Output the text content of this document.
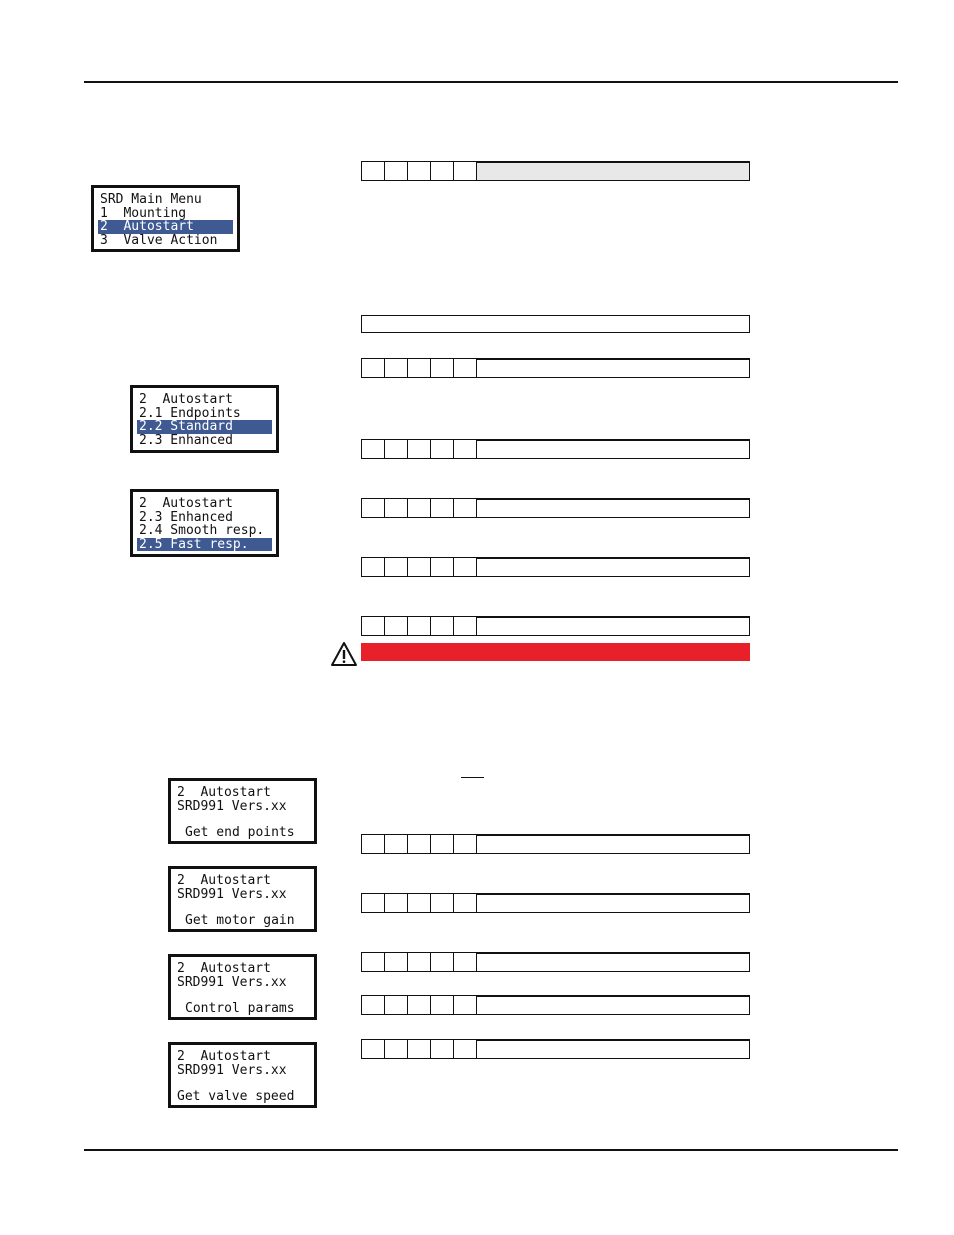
SRD Main Menu
1  Mounting
2  Autostart
3  Valve Action
2  Autostart
2.1 Endpoints
2.2 Standard
2.3 Enhanced
2  Autostart
2.3 Enhanced
2.4 Smooth resp.
2.5 Fast resp.
2  Autostart
SRD991 Vers.xx
Get end points
2  Autostart
SRD991 Vers.xx
Get motor gain
2  Autostart
SRD991 Vers.xx
Control params
2  Autostart
SRD991 Vers.xx
Get valve speed
